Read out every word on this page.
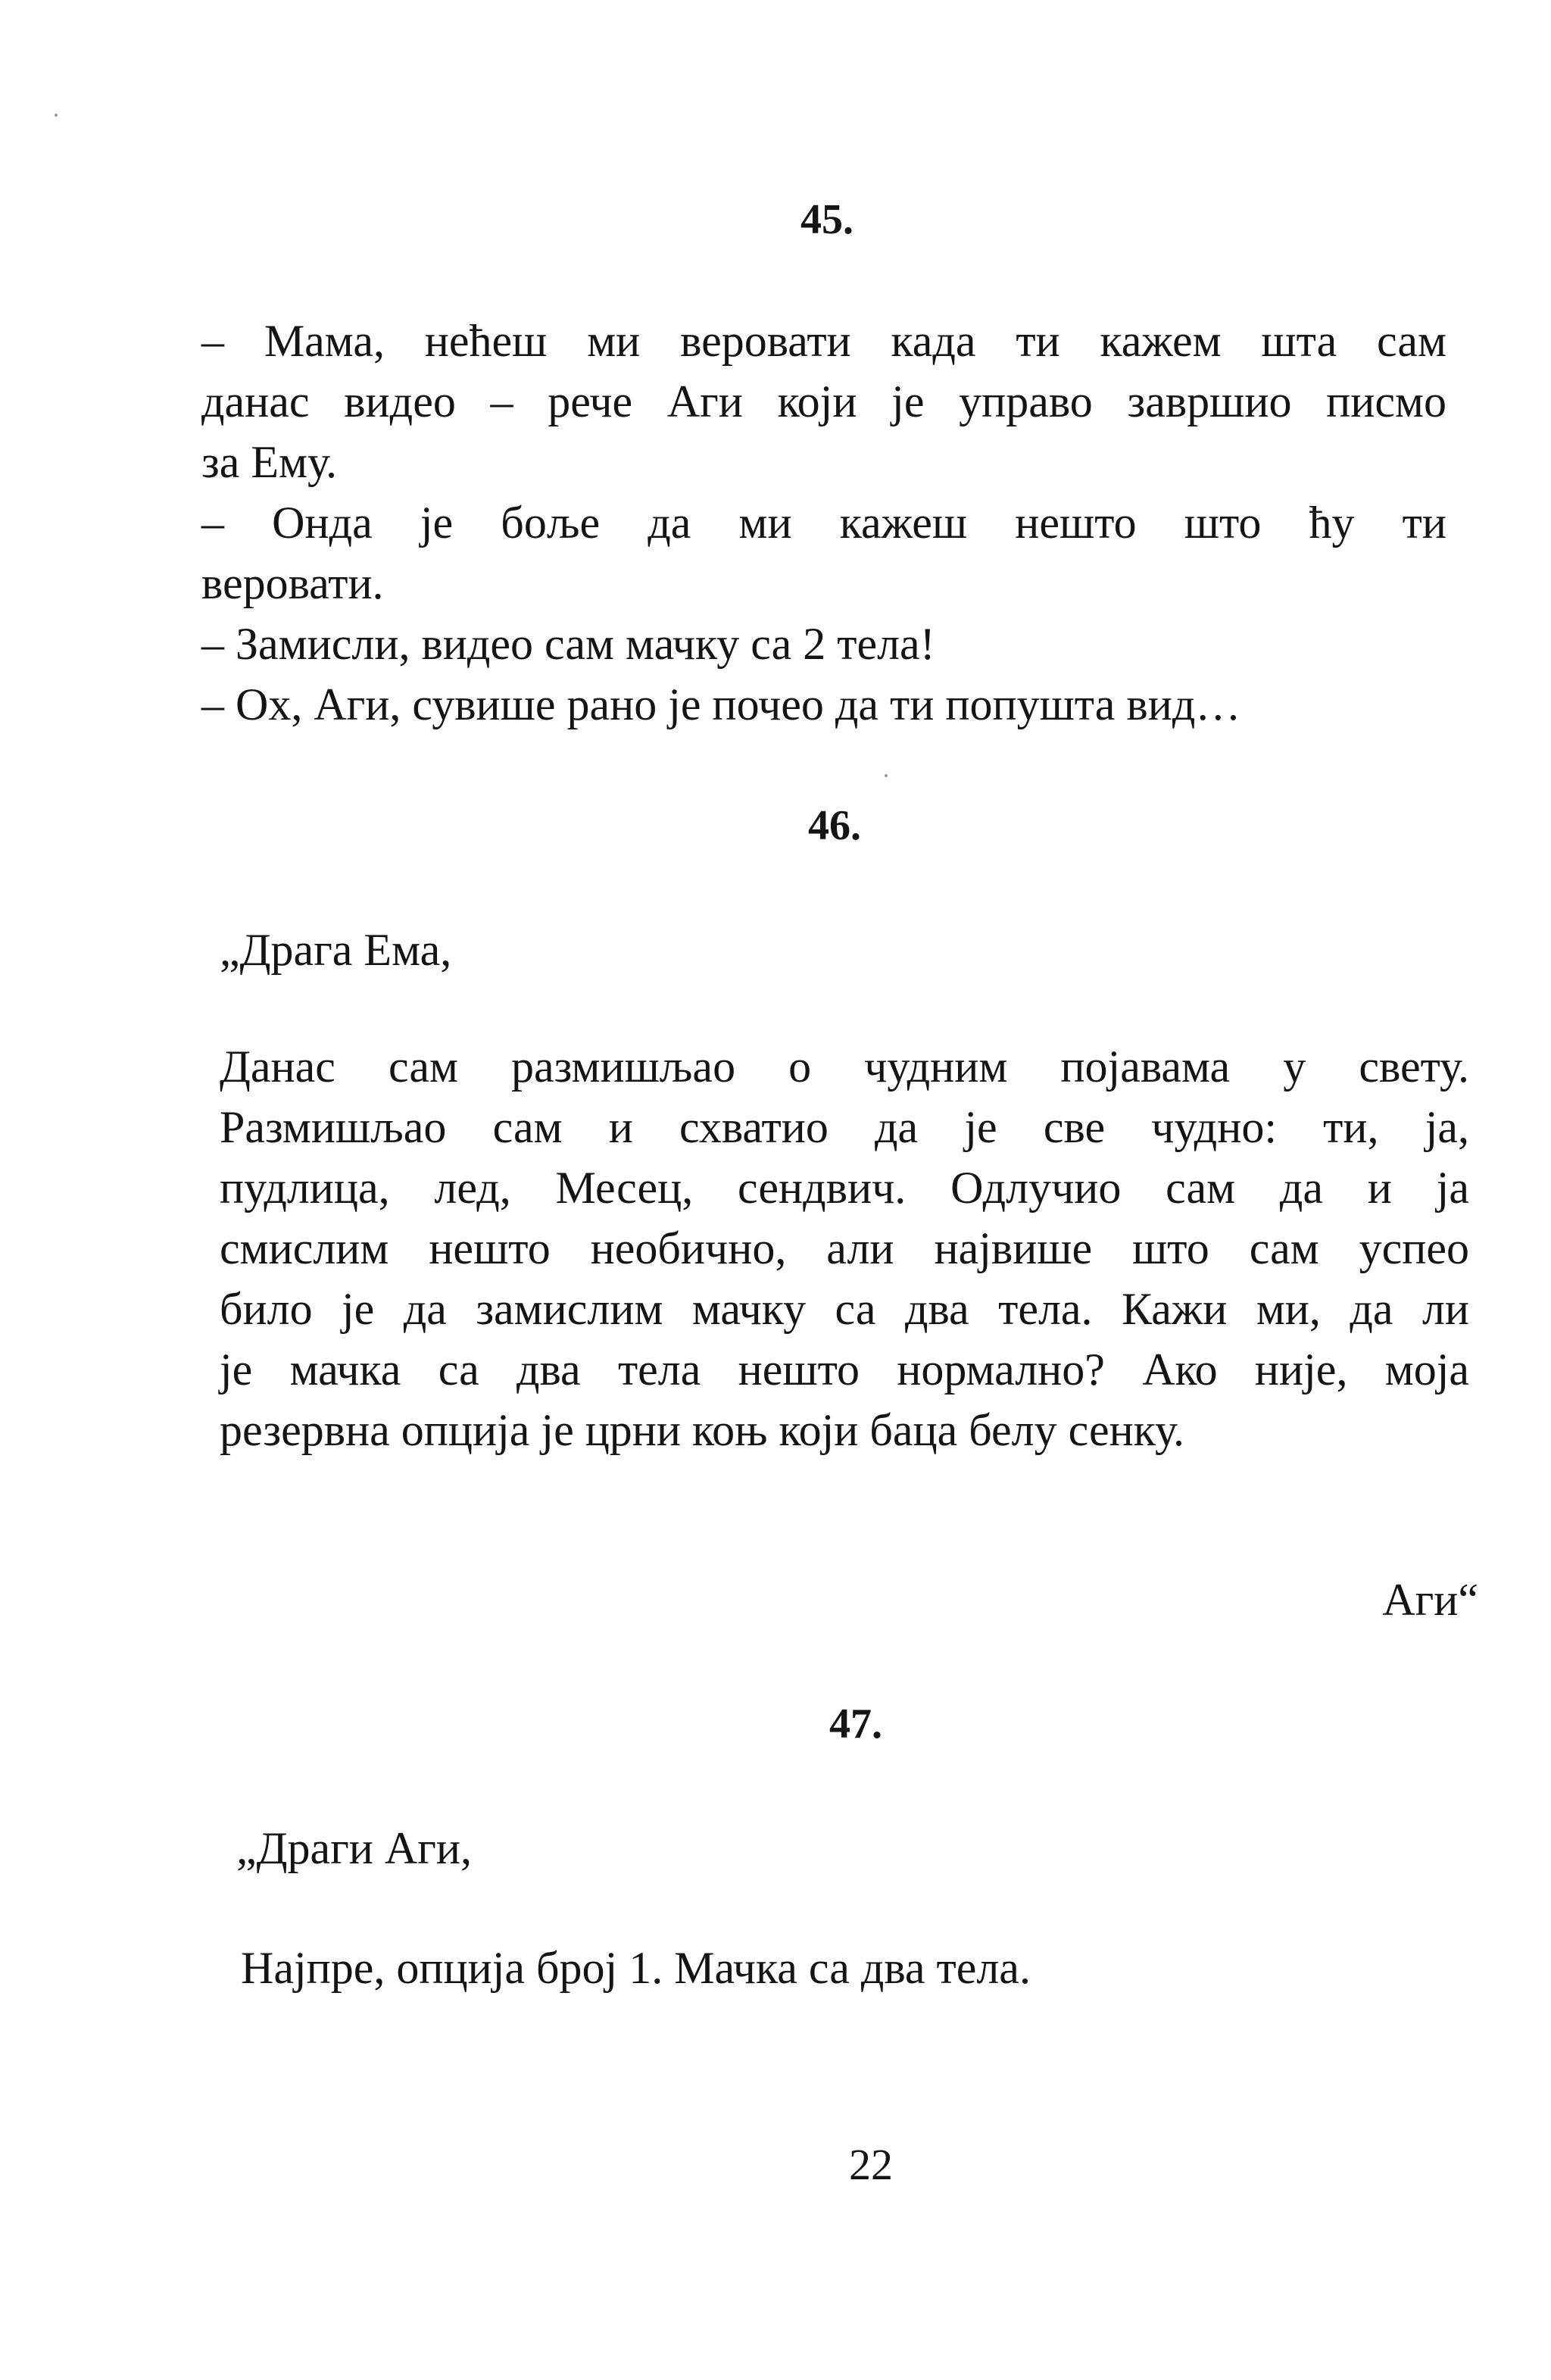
45.
– Мама, нећеш ми веровати када ти кажем шта сам
данас видео – рече Аги који је управо завршио писмо
за Ему.
– Онда је боље да ми кажеш нешто што ћу ти
веровати.
– Замисли, видео сам мачку са 2 тела!
– Ох, Аги, сувише рано је почео да ти попушта вид…
46.
„Драга Ема,
Данас сам размишљао о чудним појавама у свету.
Размишљао сам и схватио да је све чудно: ти, ја,
пудлица, лед, Месец, сендвич. Одлучио сам да и ја
смислим нешто необично, али највише што сам успео
било је да замислим мачку са два тела. Кажи ми, да ли
је мачка са два тела нешто нормално? Ако није, моја
резервна опција је црни коњ који баца белу сенку.
Аги“
47.
„Драги Аги,
Најпре, опција број 1. Мачка са два тела.
22
